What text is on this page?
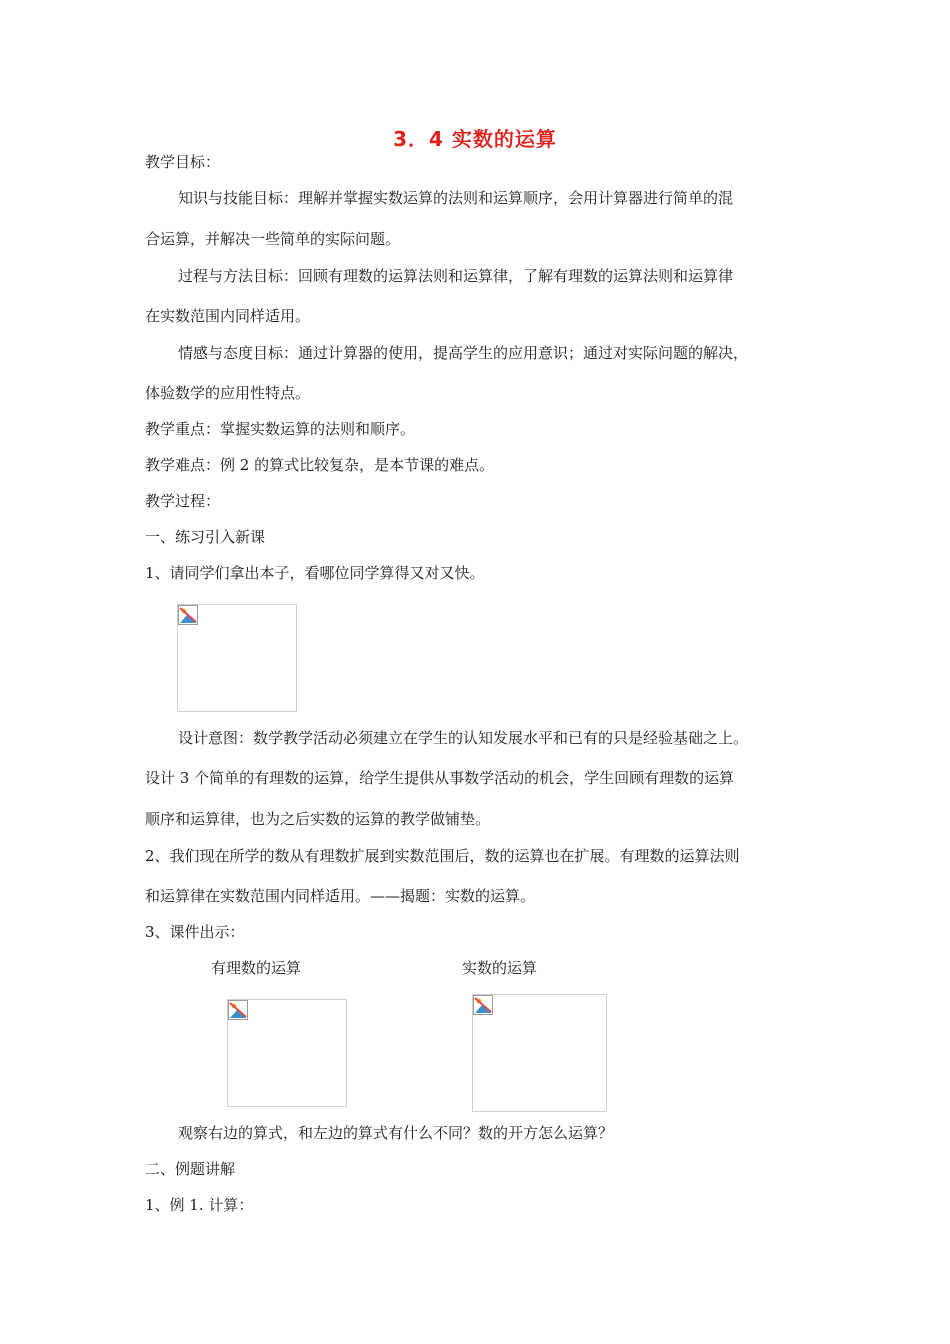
3．4 实数的运算
教学目标：
知识与技能目标：理解并掌握实数运算的法则和运算顺序，会用计算器进行简单的混
合运算，并解决一些简单的实际问题。
过程与方法目标：回顾有理数的运算法则和运算律，了解有理数的运算法则和运算律
在实数范围内同样适用。
情感与态度目标：通过计算器的使用，提高学生的应用意识；通过对实际问题的解决，
体验数学的应用性特点。
教学重点：掌握实数运算的法则和顺序。
教学难点：例 2 的算式比较复杂，是本节课的难点。
教学过程：
一、练习引入新课
1、请同学们拿出本子，看哪位同学算得又对又快。
设计意图：数学教学活动必须建立在学生的认知发展水平和已有的只是经验基础之上。
设计 3 个简单的有理数的运算，给学生提供从事数学活动的机会，学生回顾有理数的运算
顺序和运算律，也为之后实数的运算的教学做铺垫。
2、我们现在所学的数从有理数扩展到实数范围后，数的运算也在扩展。有理数的运算法则
和运算律在实数范围内同样适用。——揭题：实数的运算。
3、课件出示：
有理数的运算	实数的运算
观察右边的算式，和左边的算式有什么不同？数的开方怎么运算？
二、例题讲解
1、例 1. 计算：
